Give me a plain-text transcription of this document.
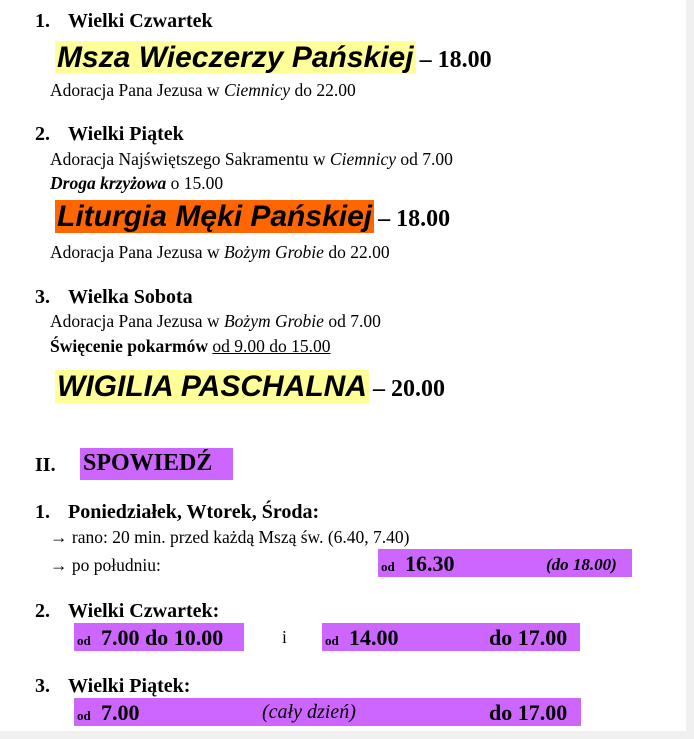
1. Wielki Czwartek
Msza Wieczerzy Pańskiej – 18.00
Adoracja Pana Jezusa w Ciemnicy do 22.00
2. Wielki Piątek
Adoracja Najświętszego Sakramentu w Ciemnicy od 7.00
Droga krzyżowa o 15.00
Liturgia Męki Pańskiej – 18.00
Adoracja Pana Jezusa w Bożym Grobie do 22.00
3. Wielka Sobota
Adoracja Pana Jezusa w Bożym Grobie od 7.00
Święcenie pokarmów od 9.00 do 15.00
WIGILIA PASCHALNA – 20.00
II. SPOWIEDŹ
1. Poniedziałek, Wtorek, Środa:
→ rano: 20 min. przed każdą Mszą św. (6.40, 7.40)
→ po południu:	od 16.30	(do 18.00)
2. Wielki Czwartek:
od 7.00 do 10.00	i	od 14.00	do 17.00
3. Wielki Piątek:
od 7.00	(cały dzień)	do 17.00
